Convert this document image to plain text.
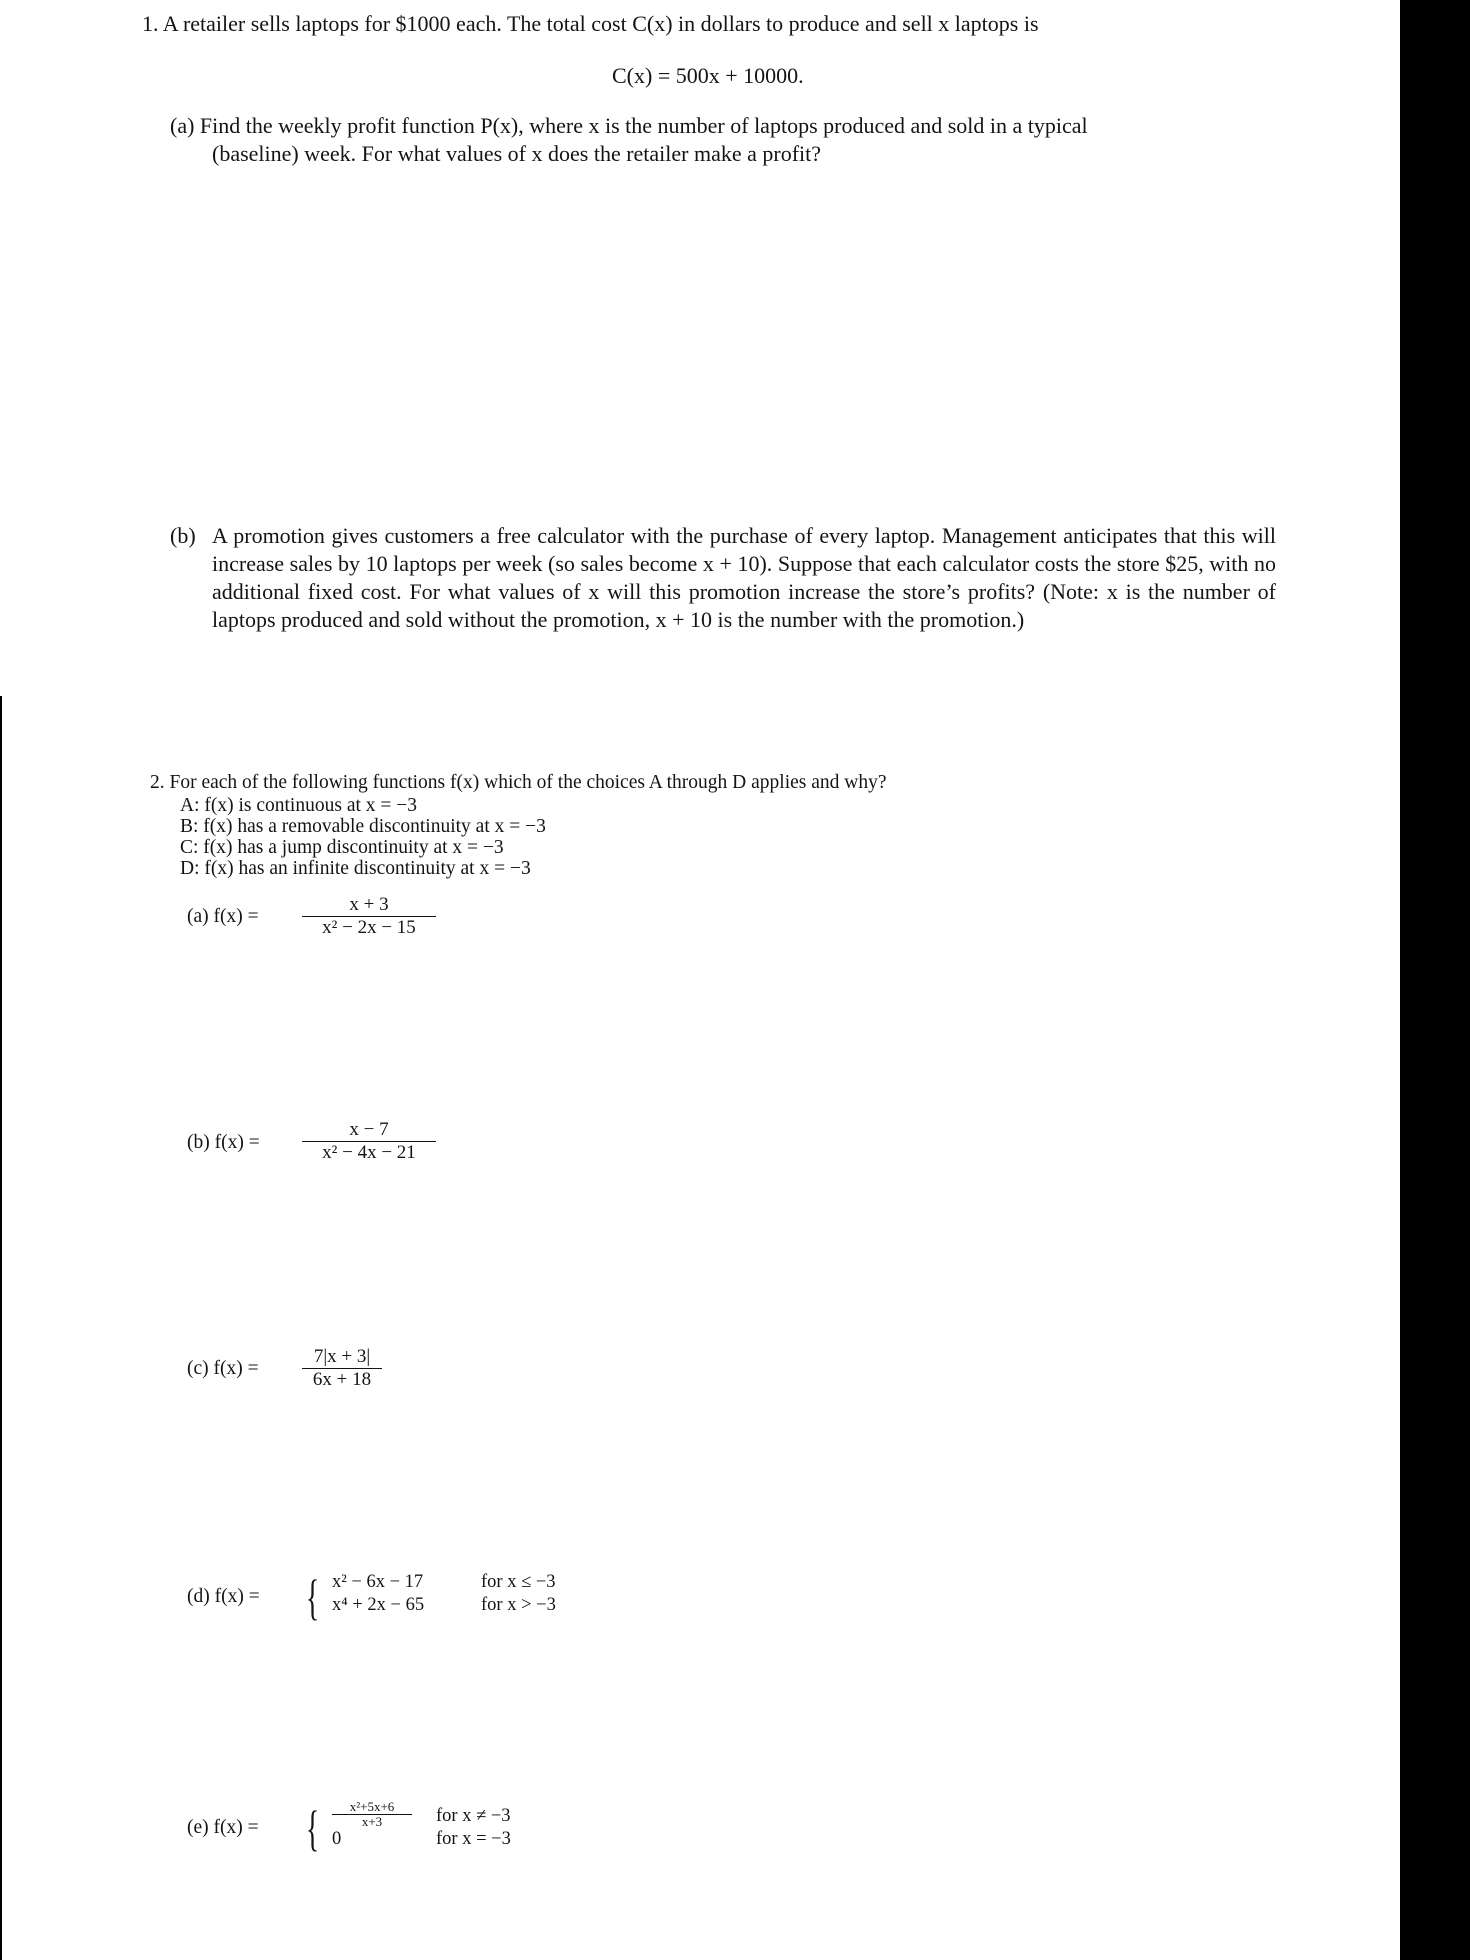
1. A retailer sells laptops for $1000 each. The total cost C(x) in dollars to produce and sell x laptops is
C(x) = 500x + 10000.
(a) Find the weekly profit function P(x), where x is the number of laptops produced and sold in a typical
(baseline) week. For what values of x does the retailer make a profit?
(b) A promotion gives customers a free calculator with the purchase of every laptop. Management anticipates that this will increase sales by 10 laptops per week (so sales become x + 10). Suppose that each calculator costs the store $25, with no additional fixed cost. For what values of x will this promotion increase the store’s profits? (Note: x is the number of laptops produced and sold without the promotion, x + 10 is the number with the promotion.)
2. For each of the following functions f(x) which of the choices A through D applies and why?
A: f(x) is continuous at x = −3
B: f(x) has a removable discontinuity at x = −3
C: f(x) has a jump discontinuity at x = −3
D: f(x) has an infinite discontinuity at x = −3
(a) f(x) =
x + 3
x² − 2x − 15
(b) f(x) =
x − 7
x² − 4x − 21
(c) f(x) =
7|x + 3|
6x + 18
(d) f(x) = { x² − 6x − 17	for x ≤ −3
x⁴ + 2x − 65	for x > −3
(e) f(x) = {	x²+5x+6
x+3	for x ≠ −3
0	for x = −3
